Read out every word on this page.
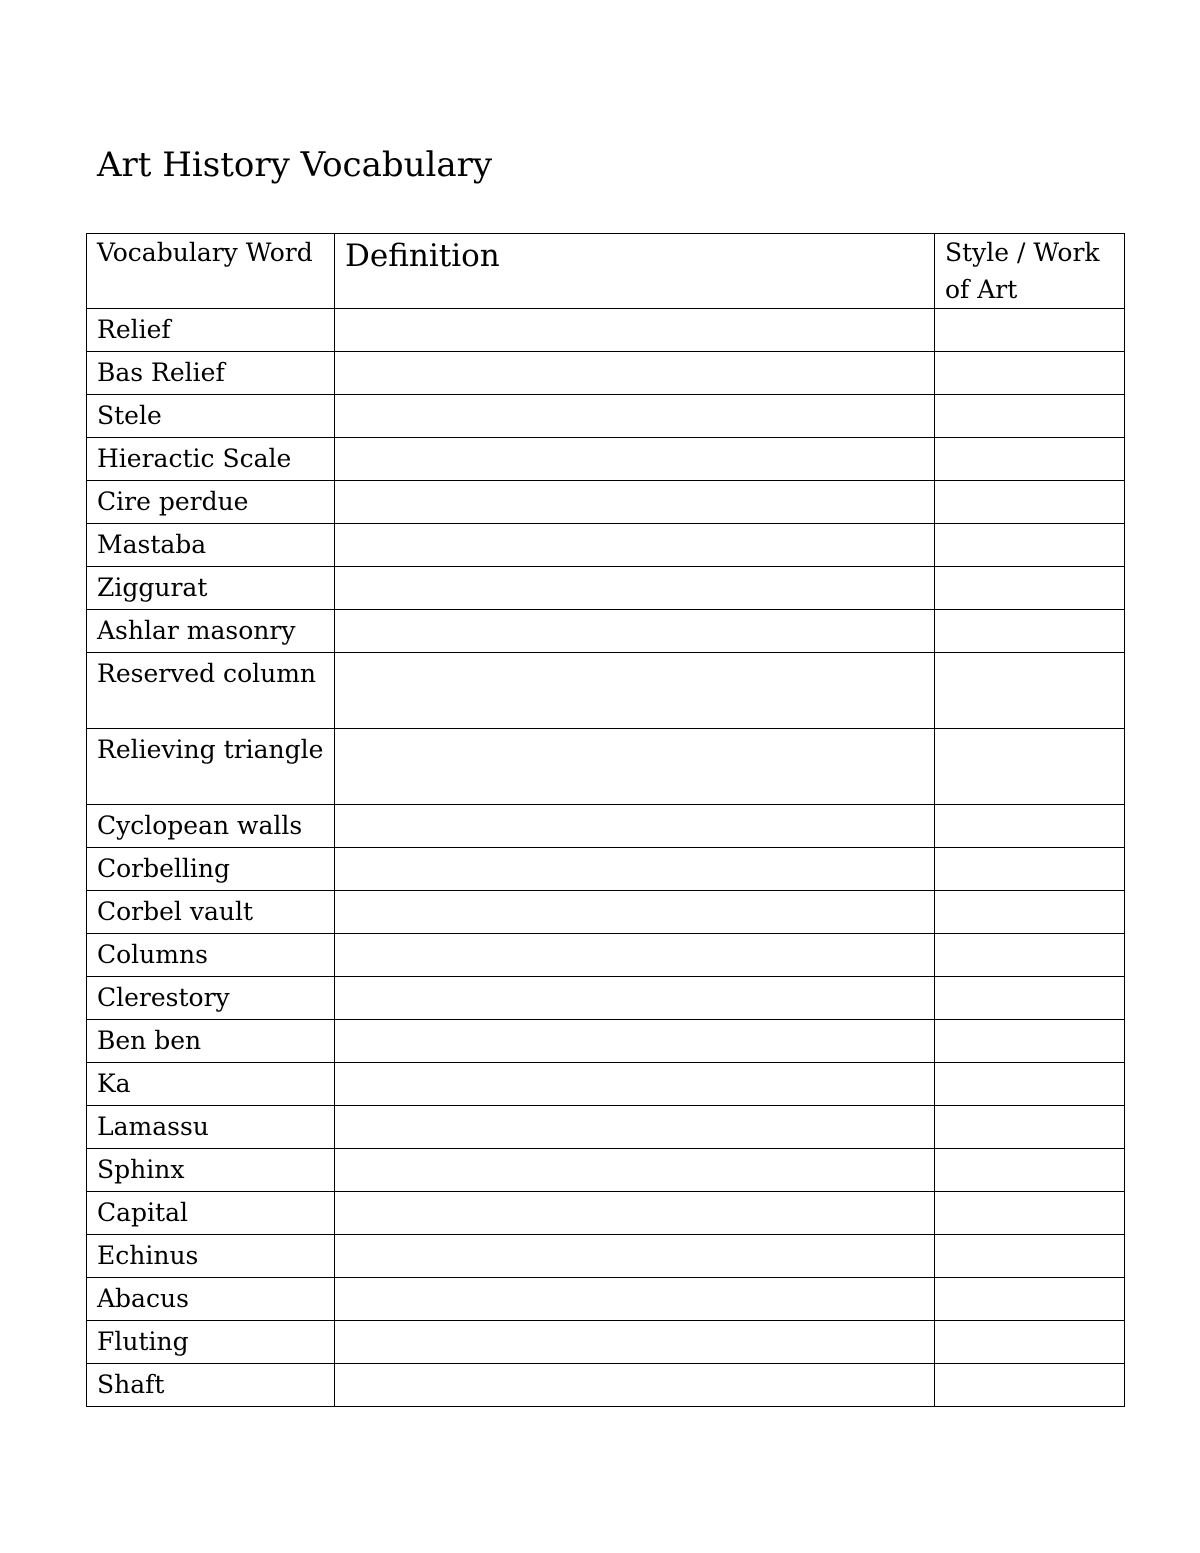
Art History Vocabulary
Vocabulary Word	Definition	Style / Work of Art

Relief		

Bas Relief		

Stele		

Hieractic Scale		

Cire perdue		

Mastaba		

Ziggurat		

Ashlar masonry		

Reserved column		

Relieving triangle		

Cyclopean walls		

Corbelling		

Corbel vault		

Columns		

Clerestory		

Ben ben		

Ka		

Lamassu		

Sphinx		

Capital		

Echinus		

Abacus		

Fluting		

Shaft		
